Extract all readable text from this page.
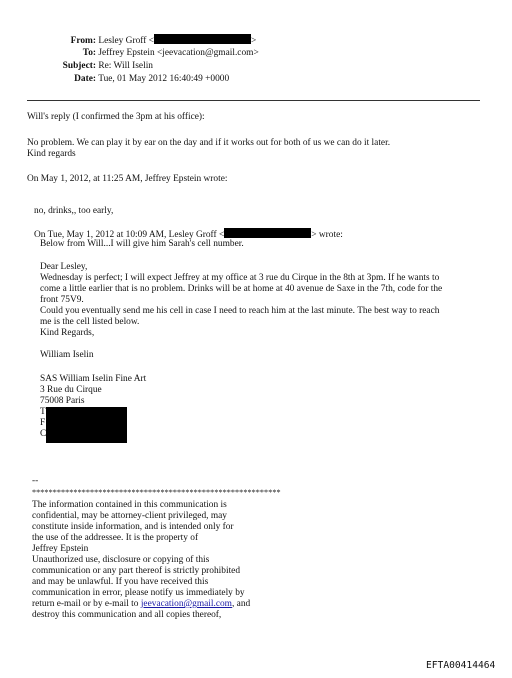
From: Lesley Groff <	>
To: Jeffrey Epstein <jeevacation@gmail.com>
Subject: Re: Will Iselin
Date: Tue, 01 May 2012 16:40:49 +0000
Will's reply (I confirmed the 3pm at his office):
No problem. We can play it by ear on the day and if it works out for both of us we can do it later.
Kind regards
On May 1, 2012, at 11:25 AM, Jeffrey Epstein wrote:
no, drinks,, too early,
On Tue, May 1, 2012 at 10:09 AM, Lesley Groff <	> wrote:
Below from Will...I will give him Sarah's cell number.
Dear Lesley,
Wednesday is perfect; I will expect Jeffrey at my office at 3 rue du Cirque in the 8th at 3pm. If he wants to
come a little earlier that is no problem. Drinks will be at home at 40 avenue de Saxe in the 7th, code for the
front 75V9.
Could you eventually send me his cell in case I need to reach him at the last minute. The best way to reach
me is the cell listed below.
Kind Regards,
William Iselin
SAS William Iselin Fine Art
3 Rue du Cirque
75008 Paris
T
F
C
--
************************************************************
The information contained in this communication is
confidential, may be attorney-client privileged, may
constitute inside information, and is intended only for
the use of the addressee. It is the property of
Jeffrey Epstein
Unauthorized use, disclosure or copying of this
communication or any part thereof is strictly prohibited
and may be unlawful. If you have received this
communication in error, please notify us immediately by
return e-mail or by e-mail to jeevacation@gmail.com, and
destroy this communication and all copies thereof,
EFTA00414464
